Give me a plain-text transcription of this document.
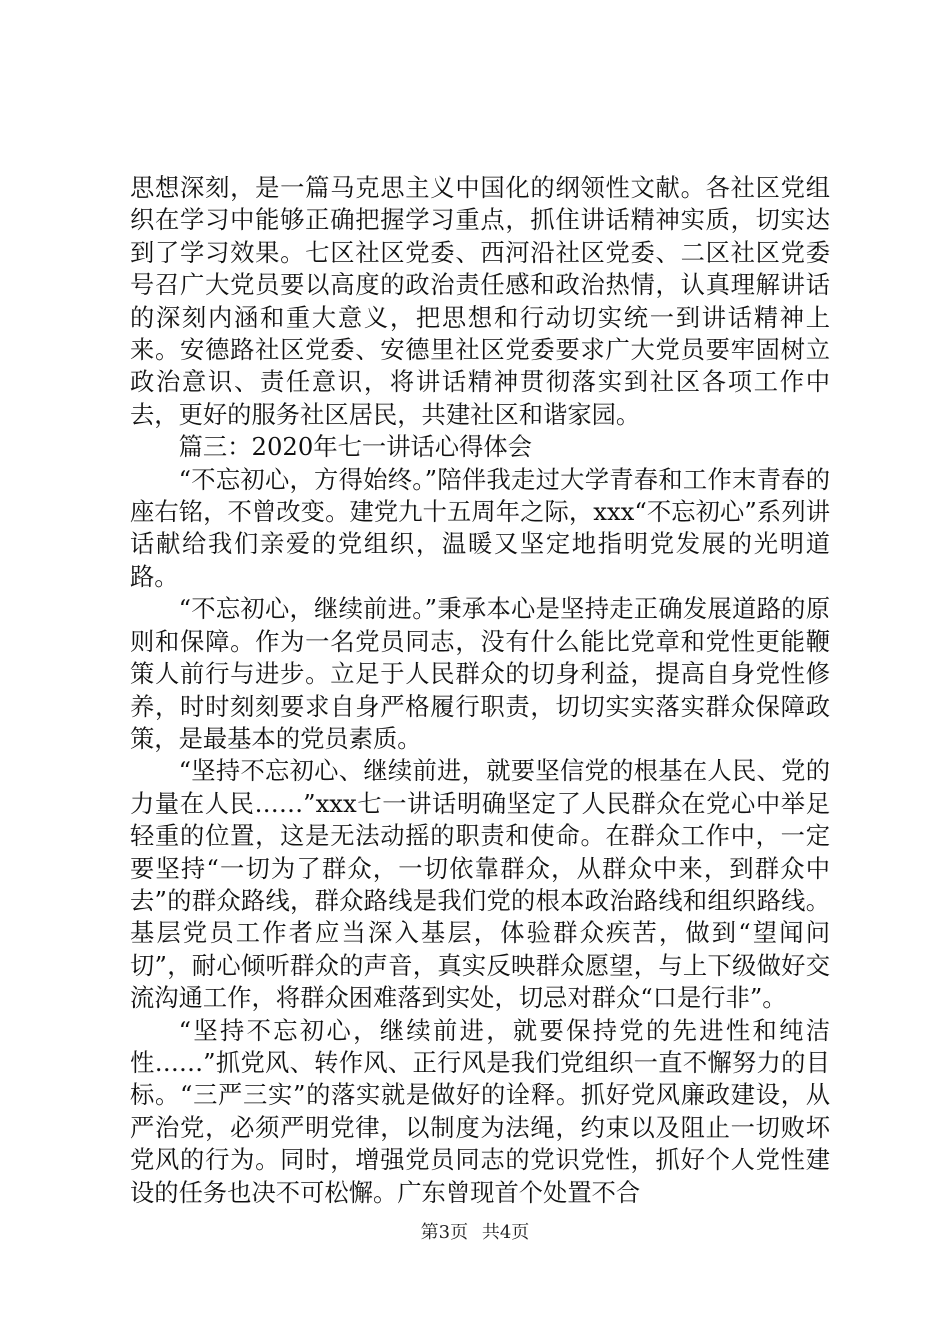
思想深刻，是一篇马克思主义中国化的纲领性文献。各社区党组织在学习中能够正确把握学习重点，抓住讲话精神实质，切实达到了学习效果。七区社区党委、西河沿社区党委、二区社区党委号召广大党员要以高度的政治责任感和政治热情，认真理解讲话的深刻内涵和重大意义，把思想和行动切实统一到讲话精神上来。安德路社区党委、安德里社区党委要求广大党员要牢固树立政治意识、责任意识，将讲话精神贯彻落实到社区各项工作中去，更好的服务社区居民，共建社区和谐家园。

篇三：2020年七一讲话心得体会

“不忘初心，方得始终。”陪伴我走过大学青春和工作末青春的座右铭，不曾改变。建党九十五周年之际，xxx“不忘初心”系列讲话献给我们亲爱的党组织，温暖又坚定地指明党发展的光明道路。

“不忘初心，继续前进。”秉承本心是坚持走正确发展道路的原则和保障。作为一名党员同志，没有什么能比党章和党性更能鞭策人前行与进步。立足于人民群众的切身利益，提高自身党性修养，时时刻刻要求自身严格履行职责，切切实实落实群众保障政策，是最基本的党员素质。

“坚持不忘初心、继续前进，就要坚信党的根基在人民、党的力量在人民……”xxx七一讲话明确坚定了人民群众在党心中举足轻重的位置，这是无法动摇的职责和使命。在群众工作中，一定要坚持“一切为了群众，一切依靠群众，从群众中来，到群众中去”的群众路线，群众路线是我们党的根本政治路线和组织路线。基层党员工作者应当深入基层，体验群众疾苦，做到“望闻问切”，耐心倾听群众的声音，真实反映群众愿望，与上下级做好交流沟通工作，将群众困难落到实处，切忌对群众“口是行非”。

“坚持不忘初心，继续前进，就要保持党的先进性和纯洁性……”抓党风、转作风、正行风是我们党组织一直不懈努力的目标。“三严三实”的落实就是做好的诠释。抓好党风廉政建设，从严治党，必须严明党律，以制度为法绳，约束以及阻止一切败坏党风的行为。同时，增强党员同志的党识党性，抓好个人党性建设的任务也决不可松懈。广东曾现首个处置不合

第3页 共4页
